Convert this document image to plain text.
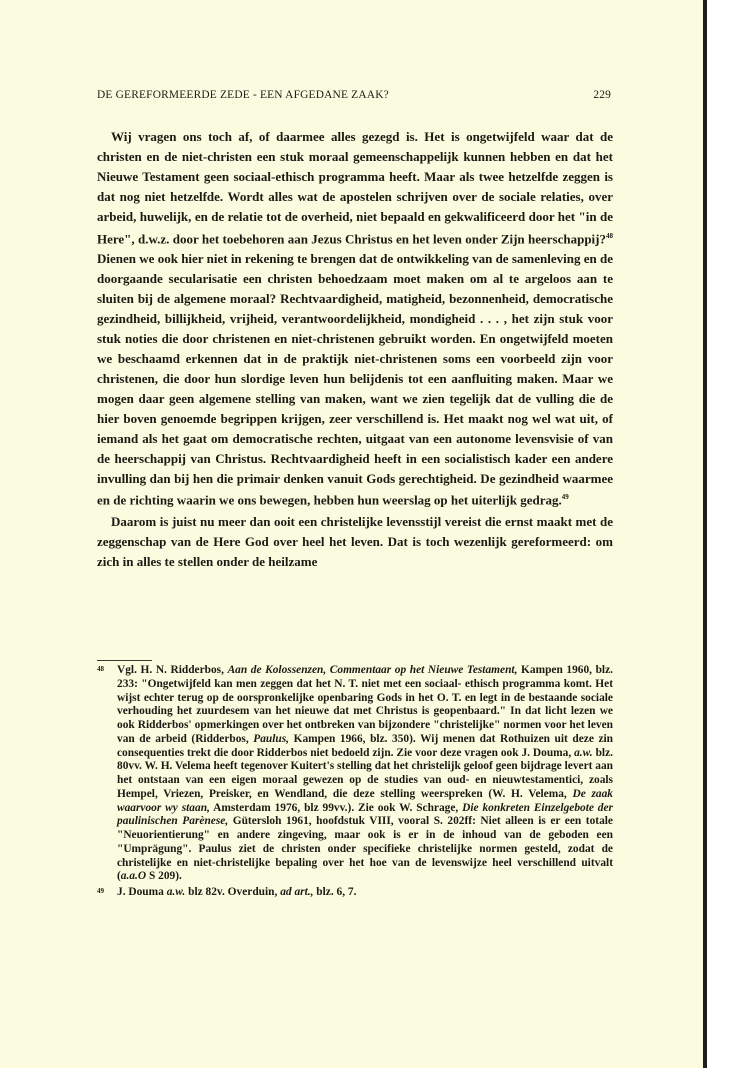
DE GEREFORMEERDE ZEDE - EEN AFGEDANE ZAAK?	229

Wij vragen ons toch af, of daarmee alles gezegd is. Het is ongetwijfeld waar dat de christen en de niet-christen een stuk moraal gemeenschappelijk kunnen hebben en dat het Nieuwe Testament geen sociaal-ethisch programma heeft. Maar als twee hetzelfde zeggen is dat nog niet hetzelfde. Wordt alles wat de apostelen schrijven over de sociale relaties, over arbeid, huwelijk, en de relatie tot de overheid, niet bepaald en gekwalificeerd door het "in de Here", d.w.z. door het toebehoren aan Jezus Christus en het leven onder Zijn heerschappij?$^{48}$ Dienen we ook hier niet in rekening te brengen dat de ontwikkeling van de samenleving en de doorgaande secularisatie een christen behoedzaam moet maken om al te argeloos aan te sluiten bij de algemene moraal? Rechtvaardigheid, matigheid, bezonnenheid, democratische gezindheid, billijkheid, vrijheid, verantwoordelijkheid, mondigheid . . . , het zijn stuk voor stuk noties die door christenen en niet-christenen gebruikt worden. En ongetwijfeld moeten we beschaamd erkennen dat in de praktijk niet-christenen soms een voorbeeld zijn voor christenen, die door hun slordige leven hun belijdenis tot een aanfluiting maken. Maar we mogen daar geen algemene stelling van maken, want we zien tegelijk dat de vulling die de hier boven genoemde begrippen krijgen, zeer verschillend is. Het maakt nog wel wat uit, of iemand als het gaat om democratische rechten, uitgaat van een autonome levensvisie of van de heerschappij van Christus. Rechtvaardigheid heeft in een socialistisch kader een andere invulling dan bij hen die primair denken vanuit Gods gerechtigheid. De gezindheid waarmee en de richting waarin we ons bewegen, hebben hun weerslag op het uiterlijk gedrag.$^{49}$

Daarom is juist nu meer dan ooit een christelijke levensstijl vereist die ernst maakt met de zeggenschap van de Here God over heel het leven. Dat is toch wezenlijk gereformeerd: om zich in alles te stellen onder de heilzame

48	Vgl. H. N. Ridderbos, Aan de Kolossenzen, Commentaar op het Nieuwe Testament, Kampen 1960, blz. 233: "Ongetwijfeld kan men zeggen dat het N. T. niet met een sociaal- ethisch programma komt. Het wijst echter terug op de oorspronkelijke openbaring Gods in het O. T. en legt in de bestaande sociale verhouding het zuurdesem van het nieuwe dat met Christus is geopenbaard." In dat licht lezen we ook Ridderbos' opmerkingen over het ontbreken van bijzondere "christelijke" normen voor het leven van de arbeid (Ridderbos, Paulus, Kampen 1966, blz. 350). Wij menen dat Rothuizen uit deze zin consequenties trekt die door Ridderbos niet bedoeld zijn. Zie voor deze vragen ook J. Douma, a.w. blz. 80vv. W. H. Velema heeft tegenover Kuitert's stelling dat het christelijk geloof geen bijdrage levert aan het ontstaan van een eigen moraal gewezen op de studies van oud- en nieuwtestamentici, zoals Hempel, Vriezen, Preisker, en Wendland, die deze stelling weerspreken (W. H. Velema, De zaak waarvoor wy staan, Amsterdam 1976, blz 99vv.). Zie ook W. Schrage, Die konkreten Einzelgebote der paulinischen Parènese, Gütersloh 1961, hoofdstuk VIII, vooral S. 202ff: Niet alleen is er een totale "Neuorientierung" en andere zingeving, maar ook is er in de inhoud van de geboden een "Umprägung". Paulus ziet de christen onder specifieke christelijke normen gesteld, zodat de christelijke en niet-christelijke bepaling over het hoe van de levenswijze heel verschillend uitvalt (a.a.O S 209).
49	J. Douma a.w. blz 82v. Overduin, ad art., blz. 6, 7.
